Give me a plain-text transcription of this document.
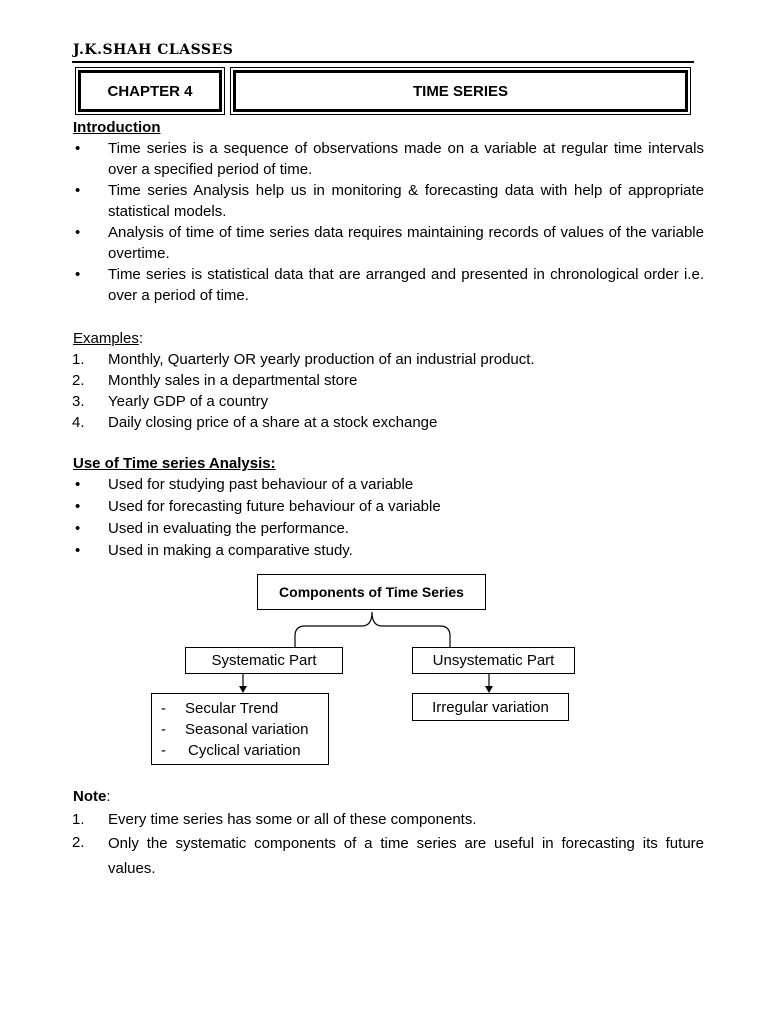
J.K.SHAH CLASSES
CHAPTER 4	TIME SERIES
Introduction
•	Time series is a sequence of observations made on a variable at regular time intervals over a specified period of time.
•	Time series Analysis help us in monitoring & forecasting data with help of appropriate statistical models.
•	Analysis of time of time series data requires maintaining records of values of the variable overtime.
•	Time series is statistical data that are arranged and presented in chronological order i.e. over a period of time.
Examples:
1.	Monthly, Quarterly OR yearly production of an industrial product.
2.	Monthly sales in a departmental store
3.	Yearly GDP of a country
4.	Daily closing price of a share at a stock exchange
Use of Time series Analysis:
•	Used for studying past behaviour of a variable
•	Used for forecasting future behaviour of a variable
•	Used in evaluating the performance.
•	Used in making a comparative study.
Components of Time Series
Systematic Part	Unsystematic Part
-	Secular Trend
-	Seasonal variation
-	Cyclical variation
Irregular variation
Note:
1.	Every time series has some or all of these components.
2.	Only the systematic components of a time series are useful in forecasting its future values.
